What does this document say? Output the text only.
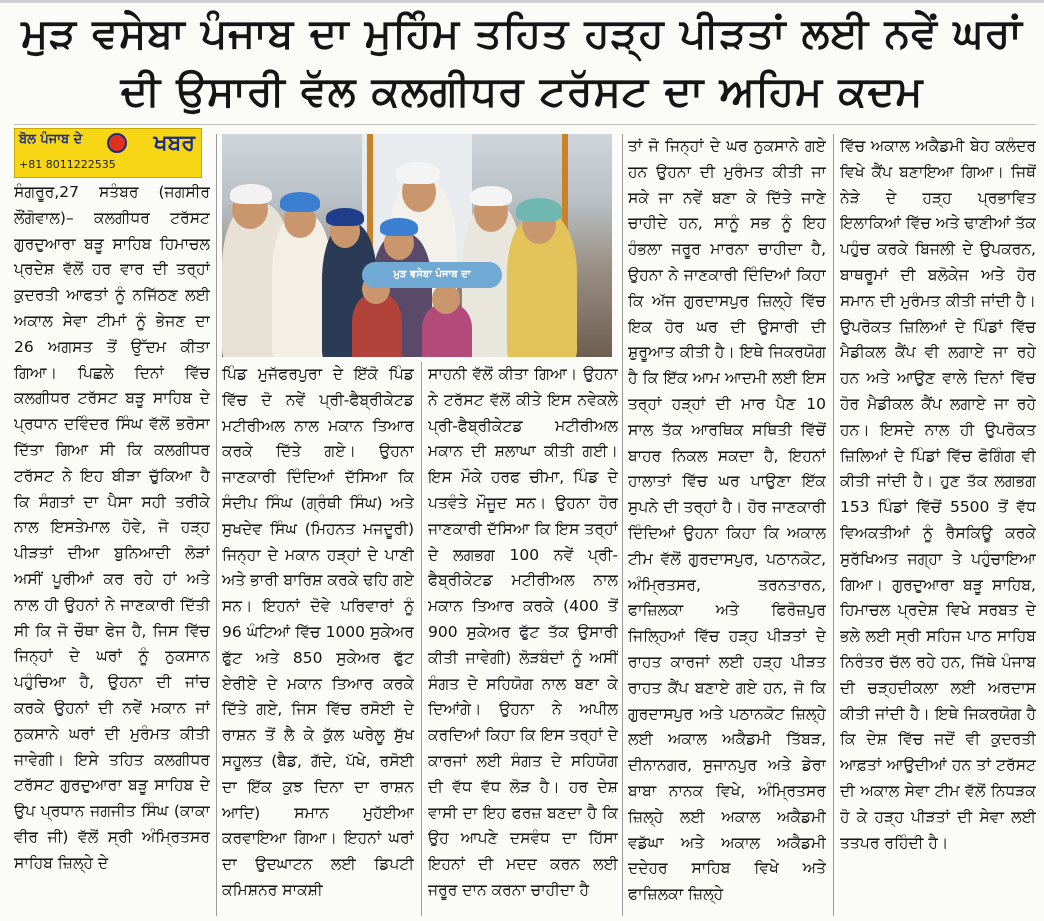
ਮੁੜ ਵਸੇਬਾ ਪੰਜਾਬ ਦਾ ਮੁਹਿੰਮ ਤਹਿਤ ਹੜ੍ਹ ਪੀੜਤਾਂ ਲਈ ਨਵੇਂ ਘਰਾਂ
ਦੀ ਉਸਾਰੀ ਵੱਲ ਕਲਗੀਧਰ ਟਰੱਸਟ ਦਾ ਅਹਿਮ ਕਦਮ
ਬੋਲ ਪੰਜਾਬ ਦੇ	ਖਬਰ
+81 8011222535
ਮੁੜ ਵਸੇਬਾ ਪੰਜਾਬ ਦਾ
ਸੰਗਰੂਰ,27 ਸਤੰਬਰ (ਜਗਸੀਰ ਲੌਂਗੋਵਾਲ)– ਕਲਗੀਧਰ ਟਰੱਸਟ ਗੁਰਦੁਆਰਾ ਬੜੂ ਸਾਹਿਬ ਹਿਮਾਚਲ ਪ੍ਰਦੇਸ਼ ਵੱਲੋਂ ਹਰ ਵਾਰ ਦੀ ਤਰ੍ਹਾਂ ਕੁਦਰਤੀ ਆਫਤਾਂ ਨੂੰ ਨਜਿੱਠਣ ਲਈ ਅਕਾਲ ਸੇਵਾ ਟੀਮਾਂ ਨੂੰ ਭੇਜਣ ਦਾ 26 ਅਗਸਤ ਤੋਂ ਉੱਦਮ ਕੀਤਾ ਗਿਆ। ਪਿਛਲੇ ਦਿਨਾਂ ਵਿੱਚ ਕਲਗੀਧਰ ਟਰੱਸਟ ਬੜੂ ਸਾਹਿਬ ਦੇ ਪ੍ਰਧਾਨ ਦਵਿੰਦਰ ਸਿੰਘ ਵੱਲੋਂ ਭਰੋਸਾ ਦਿੱਤਾ ਗਿਆ ਸੀ ਕਿ ਕਲਗੀਧਰ ਟਰੱਸਟ ਨੇ ਇਹ ਬੀੜਾ ਚੁੱਕਿਆ ਹੈ ਕਿ ਸੰਗਤਾਂ ਦਾ ਪੈਸਾ ਸਹੀ ਤਰੀਕੇ ਨਾਲ ਇਸਤੇਮਾਲ ਹੋਵੇ, ਜੋ ਹੜ੍ਹ ਪੀੜਤਾਂ ਦੀਆ ਬੁਨਿਆਦੀ ਲੋੜਾਂ ਅਸੀਂ ਪੂਰੀਆਂ ਕਰ ਰਹੇ ਹਾਂ ਅਤੇ ਨਾਲ ਹੀ ਉਹਨਾਂ ਨੇ ਜਾਣਕਾਰੀ ਦਿੱਤੀ ਸੀ ਕਿ ਜੋ ਚੌਥਾ ਫੇਜ ਹੈ, ਜਿਸ ਵਿੱਚ ਜਿਨ੍ਹਾਂ ਦੇ ਘਰਾਂ ਨੂੰ ਨੁਕਸਾਨ ਪਹੁੰਚਿਆ ਹੈ, ਉਹਨਾ ਦੀ ਜਾਂਚ ਕਰਕੇ ਉਹਨਾਂ ਦੀ ਨਵੇਂ ਮਕਾਨ ਜਾਂ ਨੁਕਸਾਨੇ ਘਰਾਂ ਦੀ ਮੁਰੰਮਤ ਕੀਤੀ ਜਾਵੇਗੀ। ਇਸੇ ਤਹਿਤ ਕਲਗੀਧਰ ਟਰੱਸਟ ਗੁਰਦੁਆਰਾ ਬੜੂ ਸਾਹਿਬ ਦੇ ਉਪ ਪ੍ਰਧਾਨ ਜਗਜੀਤ ਸਿੰਘ (ਕਾਕਾ ਵੀਰ ਜੀ) ਵੱਲੋਂ ਸ੍ਰੀ ਅੰਮ੍ਰਿਤਸਰ ਸਾਹਿਬ ਜ਼ਿਲ੍ਹੇ ਦੇ
ਪਿੰਡ ਮੁਜੱਫਰਪੁਰਾ ਦੇ ਇੱਕੋ ਪਿੰਡ ਵਿੱਚ ਦੋ ਨਵੇਂ ਪ੍ਰੀ-ਫੈਬ੍ਰੀਕੇਟਡ ਮਟੀਰੀਅਲ ਨਾਲ ਮਕਾਨ ਤਿਆਰ ਕਰਕੇ ਦਿੱਤੇ ਗਏ। ਉਹਨਾ ਜਾਣਕਾਰੀ ਦਿੰਦਿਆਂ ਦੱਸਿਆ ਕਿ ਸੰਦੀਪ ਸਿੰਘ (ਗ੍ਰੰਥੀ ਸਿੰਘ) ਅਤੇ ਸੁਖਦੇਵ ਸਿੰਘ (ਮਿਹਨਤ ਮਜਦੂਰੀ) ਜਿਨ੍ਹਾ ਦੇ ਮਕਾਨ ਹੜ੍ਹਾਂ ਦੇ ਪਾਣੀ ਅਤੇ ਭਾਰੀ ਬਾਰਿਸ਼ ਕਰਕੇ ਢਹਿ ਗਏ ਸਨ। ਇਹਨਾਂ ਦੋਵੇ ਪਰਿਵਾਰਾਂ ਨੂੰ 96 ਘੰਟਿਆਂ ਵਿੱਚ 1000 ਸੁਕੇਅਰ ਫੁੱਟ ਅਤੇ 850 ਸੁਕੇਅਰ ਫੁੱਟ ਏਰੀਏ ਦੇ ਮਕਾਨ ਤਿਆਰ ਕਰਕੇ ਦਿੱਤੇ ਗਏ, ਜਿਸ ਵਿੱਚ ਰਸੋਈ ਦੇ ਰਾਸ਼ਨ ਤੋਂ ਲੈ ਕੇ ਕੁੱਲ ਘਰੇਲੂ ਸੁੱਖ ਸਹੂਲਤ (ਬੈਡ, ਗੱਦੇ, ਪੱਖੇ, ਰਸੋਈ ਦਾ ਇੱਕ ਕੁਝ ਦਿਨਾ ਦਾ ਰਾਸ਼ਨ ਆਦਿ) ਸਮਾਨ ਮੁਹੱਈਆ ਕਰਵਾਇਆ ਗਿਆ। ਇਹਨਾਂ ਘਰਾਂ ਦਾ ਉਦਘਾਟਨ ਲਈ ਡਿਪਟੀ ਕਮਿਸ਼ਨਰ ਸਾਕਸ਼ੀ
ਸਾਹਨੀ ਵੱਲੋਂ ਕੀਤਾ ਗਿਆ। ਉਹਨਾ ਨੇ ਟਰੱਸਟ ਵੱਲੋਂ ਕੀਤੇ ਇਸ ਨਵੇਕਲੇ ਪ੍ਰੀ-ਫੈਬ੍ਰੀਕੇਟਡ ਮਟੀਰੀਅਲ ਮਕਾਨ ਦੀ ਸ਼ਲਾਘਾ ਕੀਤੀ ਗਈ। ਇਸ ਮੌਕੇ ਹਰਫ ਚੀਮਾ, ਪਿੰਡ ਦੇ ਪਤਵੰਤੇ ਮੌਜੂਦ ਸਨ। ਉਹਨਾ ਹੋਰ ਜਾਣਕਾਰੀ ਦੱਸਿਆ ਕਿ ਇਸ ਤਰ੍ਹਾਂ ਦੇ ਲਗਭਗ 100 ਨਵੇਂ ਪ੍ਰੀ-ਫੈਬ੍ਰੀਕੇਟਡ ਮਟੀਰੀਅਲ ਨਾਲ ਮਕਾਨ ਤਿਆਰ ਕਰਕੇ (400 ਤੋਂ 900 ਸੁਕੇਅਰ ਫੁੱਟ ਤੱਕ ਉਸਾਰੀ ਕੀਤੀ ਜਾਵੇਗੀ) ਲੋੜਬੰਦਾਂ ਨੂੰ ਅਸੀਂ ਸੰਗਤ ਦੇ ਸਹਿਯੋਗ ਨਾਲ ਬਣਾ ਕੇ ਦਿਆਂਗੇ। ਉਹਨਾ ਨੇ ਅਪੀਲ ਕਰਦਿਆਂ ਕਿਹਾ ਕਿ ਇਸ ਤਰ੍ਹਾਂ ਦੇ ਕਾਰਜਾਂ ਲਈ ਸੰਗਤ ਦੇ ਸਹਿਯੋਗ ਦੀ ਵੱਧ ਵੱਧ ਲੋੜ ਹੈ। ਹਰ ਦੇਸ਼ ਵਾਸੀ ਦਾ ਇਹ ਫਰਜ਼ ਬਣਦਾ ਹੈ ਕਿ ਉਹ ਆਪਣੇ ਦਸਵੰਧ ਦਾ ਹਿੱਸਾ ਇਹਨਾਂ ਦੀ ਮਦਦ ਕਰਨ ਲਈ ਜਰੂਰ ਦਾਨ ਕਰਨਾ ਚਾਹੀਦਾ ਹੈ
ਤਾਂ ਜੋ ਜਿਨ੍ਹਾਂ ਦੇ ਘਰ ਨੁਕਸਾਨੇ ਗਏ ਹਨ ਉਹਨਾ ਦੀ ਮੁਰੰਮਤ ਕੀਤੀ ਜਾ ਸਕੇ ਜਾ ਨਵੇਂ ਬਣਾ ਕੇ ਦਿੱਤੇ ਜਾਣੇ ਚਾਹੀਦੇ ਹਨ, ਸਾਨੂੰ ਸਭ ਨੂੰ ਇਹ ਹੰਭਲਾ ਜਰੂਰ ਮਾਰਨਾ ਚਾਹੀਦਾ ਹੈ, ਉਹਨਾ ਨੇ ਜਾਣਕਾਰੀ ਦਿੰਦਿਆਂ ਕਿਹਾ ਕਿ ਅੱਜ ਗੁਰਦਾਸਪੁਰ ਜ਼ਿਲ੍ਹੇ ਵਿੱਚ ਇਕ ਹੋਰ ਘਰ ਦੀ ਉਸਾਰੀ ਦੀ ਸ਼ੁਰੂਆਤ ਕੀਤੀ ਹੈ। ਇਥੇ ਜਿਕਰਯੋਗ ਹੈ ਕਿ ਇੱਕ ਆਮ ਆਦਮੀ ਲਈ ਇਸ ਤਰ੍ਹਾਂ ਹੜ੍ਹਾਂ ਦੀ ਮਾਰ ਪੈਣ 10 ਸਾਲ ਤੱਕ ਆਰਥਿਕ ਸਥਿਤੀ ਵਿੱਚੋਂ ਬਾਹਰ ਨਿਕਲ ਸਕਦਾ ਹੈ, ਇਹਨਾਂ ਹਾਲਾਤਾਂ ਵਿੱਚ ਘਰ ਪਾਉਣਾ ਇੱਕ ਸੁਪਨੇ ਦੀ ਤਰ੍ਹਾਂ ਹੈ। ਹੋਰ ਜਾਣਕਾਰੀ ਦਿੰਦਿਆਂ ਉਹਨਾ ਕਿਹਾ ਕਿ ਅਕਾਲ ਟੀਮ ਵੱਲੋਂ ਗੁਰਦਾਸਪੁਰ, ਪਠਾਨਕੋਟ, ਅੰਮ੍ਰਿਤਸਰ, ਤਰਨਤਾਰਨ, ਫਾਜ਼ਿਲਕਾ ਅਤੇ ਫਿਰੋਜ਼ਪੁਰ ਜਿਲ੍ਹਿਆਂ ਵਿੱਚ ਹੜ੍ਹ ਪੀੜਤਾਂ ਦੇ ਰਾਹਤ ਕਾਰਜਾਂ ਲਈ ਹੜ੍ਹ ਪੀੜਤ ਰਾਹਤ ਕੈਂਪ ਬਣਾਏ ਗਏ ਹਨ, ਜੋ ਕਿ ਗੁਰਦਾਸਪੁਰ ਅਤੇ ਪਠਾਨਕੋਟ ਜ਼ਿਲ੍ਹੇ ਲਈ ਅਕਾਲ ਅਕੈਡਮੀ ਤਿੱਬੜ, ਦੀਨਾਨਗਰ, ਸੁਜਾਨਪੁਰ ਅਤੇ ਡੇਰਾ ਬਾਬਾ ਨਾਨਕ ਵਿਖੇ, ਅੰਮ੍ਰਿਤਸਰ ਜ਼ਿਲ੍ਹੇ ਲਈ ਅਕਾਲ ਅਕੈਡਮੀ ਵਡੱਘਾ ਅਤੇ ਅਕਾਲ ਅਕੈਡਮੀ ਦਦੇਹਰ ਸਾਹਿਬ ਵਿਖੇ ਅਤੇ ਫਾਜ਼ਿਲਕਾ ਜ਼ਿਲ੍ਹੇ
ਵਿੱਚ ਅਕਾਲ ਅਕੈਡਮੀ ਬੇਹ ਕਲੰਦਰ ਵਿਖੇ ਕੈਂਪ ਬਣਾਇਆ ਗਿਆ। ਜਿਥੋਂ ਨੇੜੇ ਦੇ ਹੜ੍ਹ ਪ੍ਰਭਾਵਿਤ ਇਲਾਕਿਆਂ ਵਿੱਚ ਅਤੇ ਢਾਣੀਆਂ ਤੱਕ ਪਹੁੰਚ ਕਰਕੇ ਬਿਜਲੀ ਦੇ ਉਪਕਰਨ, ਬਾਥਰੂਮਾਂ ਦੀ ਬਲੋਕੇਜ ਅਤੇ ਹੋਰ ਸਮਾਨ ਦੀ ਮੁਰੰਮਤ ਕੀਤੀ ਜਾਂਦੀ ਹੈ। ਉਪਰੋਕਤ ਜ਼ਿਲਿਆਂ ਦੇ ਪਿੰਡਾਂ ਵਿੱਚ ਮੈਡੀਕਲ ਕੈਂਪ ਵੀ ਲਗਾਏ ਜਾ ਰਹੇ ਹਨ ਅਤੇ ਆਉਣ ਵਾਲੇ ਦਿਨਾਂ ਵਿੱਚ ਹੋਰ ਮੈਡੀਕਲ ਕੈਂਪ ਲਗਾਏ ਜਾ ਰਹੇ ਹਨ। ਇਸਦੇ ਨਾਲ ਹੀ ਉਪਰੋਕਤ ਜ਼ਿਲਿਆਂ ਦੇ ਪਿੰਡਾਂ ਵਿੱਚ ਫੋਗਿੰਗ ਵੀ ਕੀਤੀ ਜਾਂਦੀ ਹੈ। ਹੁਣ ਤੱਕ ਲਗਭਗ 153 ਪਿੰਡਾਂ ਵਿੱਚੋਂ 5500 ਤੋਂ ਵੱਧ ਵਿਅਕਤੀਆਂ ਨੂੰ ਰੈਸਕਿਊ ਕਰਕੇ ਸੁਰੱਖਿਅਤ ਜਗ੍ਹਾ ਤੇ ਪਹੁੰਚਾਇਆ ਗਿਆ। ਗੁਰਦੁਆਰਾ ਬੜੂ ਸਾਹਿਬ, ਹਿਮਾਚਲ ਪ੍ਰਦੇਸ਼ ਵਿਖੇ ਸਰਬਤ ਦੇ ਭਲੇ ਲਈ ਸ੍ਰੀ ਸਹਿਜ ਪਾਠ ਸਾਹਿਬ ਨਿਰੰਤਰ ਚੱਲ ਰਹੇ ਹਨ, ਜਿੱਥੇ ਪੰਜਾਬ ਦੀ ਚੜ੍ਹਦੀਕਲਾ ਲਈ ਅਰਦਾਸ ਕੀਤੀ ਜਾਂਦੀ ਹੈ। ਇਥੇ ਜਿਕਰਯੋਗ ਹੈ ਕਿ ਦੇਸ਼ ਵਿੱਚ ਜਦੋਂ ਵੀ ਕੁਦਰਤੀ ਆਫ਼ਤਾਂ ਆਉਦੀਆਂ ਹਨ ਤਾਂ ਟਰੱਸਟ ਦੀ ਅਕਾਲ ਸੇਵਾ ਟੀਮ ਵੱਲੋਂ ਨਿਧੜਕ ਹੋ ਕੇ ਹੜ੍ਹ ਪੀੜਤਾਂ ਦੀ ਸੇਵਾ ਲਈ ਤਤਪਰ ਰਹਿੰਦੀ ਹੈ।
